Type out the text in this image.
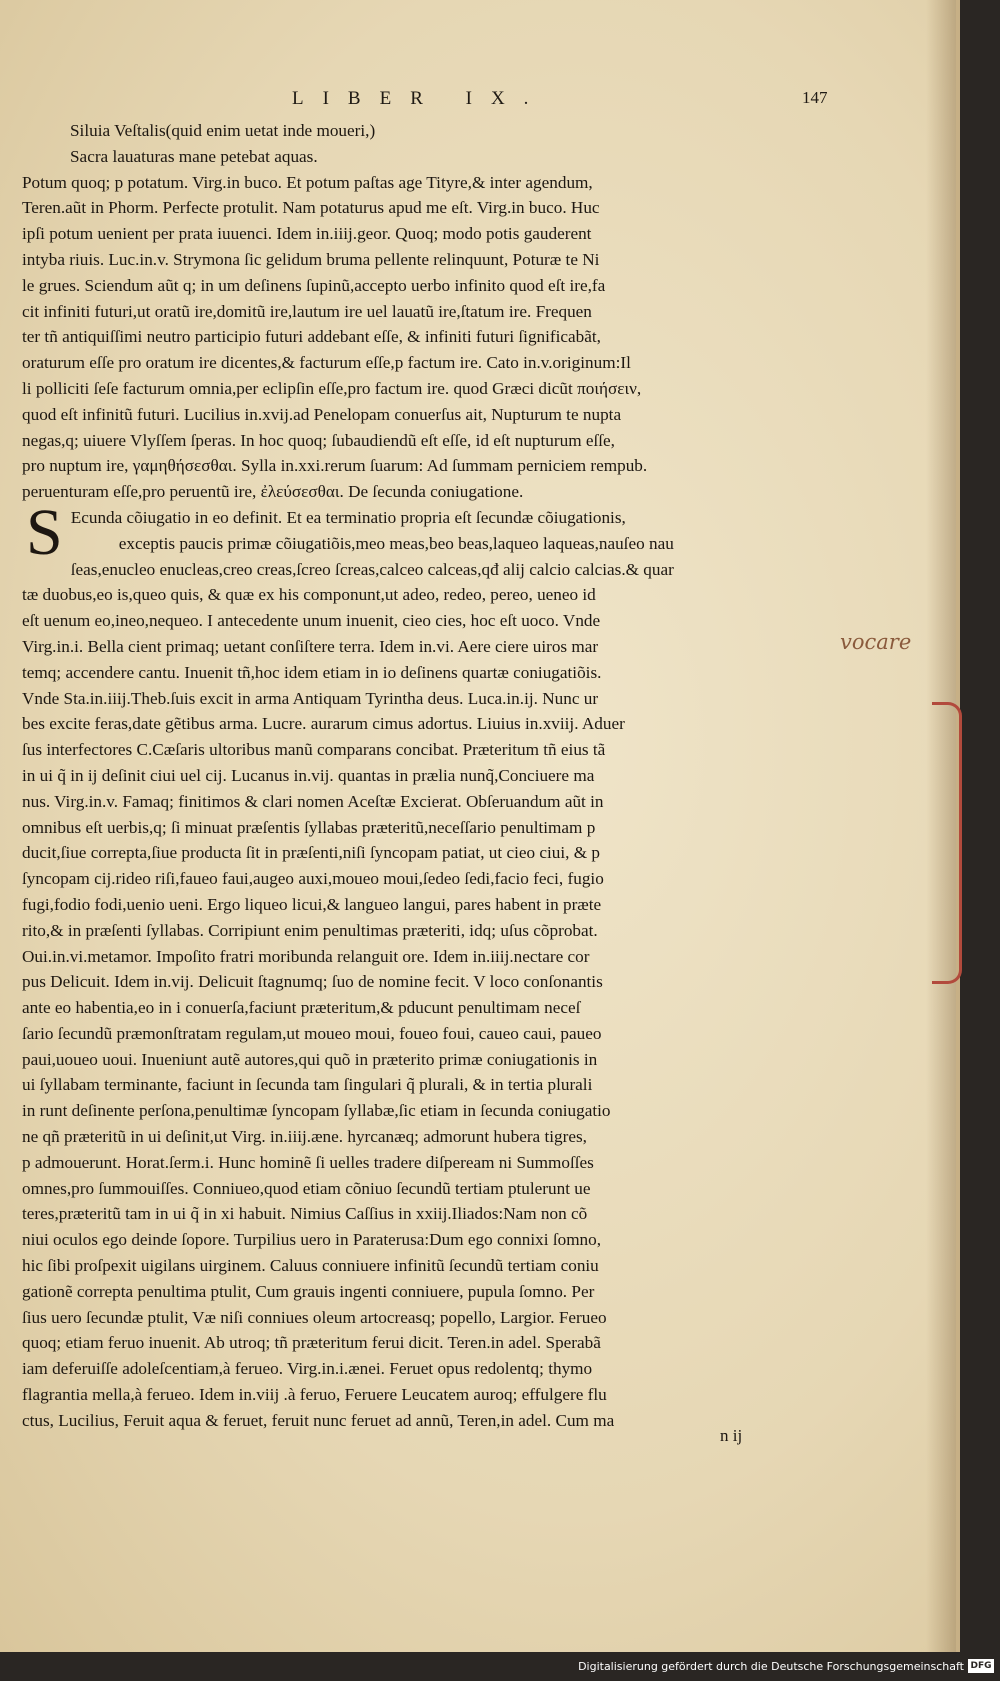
LIBER IX.	147
Siluia Veſtalis(quid enim uetat inde moueri,)
Sacra lauaturas mane petebat aquas.
Potum quoq; p potatum. Virg.in buco. Et potum paſtas age Tityre,& inter agendum,
Teren.aũt in Phorm. Perfecte protulit. Nam potaturus apud me eſt. Virg.in buco. Huc
ipſi potum uenient per prata iuuenci. Idem in.iiij.geor. Quoq; modo potis gauderent
intyba riuis. Luc.in.v. Strymona ſic gelidum bruma pellente relinquunt, Poturæ te Ni
le grues. Sciendum aũt q; in um deſinens ſupinũ,accepto uerbo infinito quod eſt ire,fa
cit infiniti futuri,ut oratũ ire,domitũ ire,lautum ire uel lauatũ ire,ſtatum ire. Frequen
ter tñ antiquiſſimi neutro participio futuri addebant eſſe, & infiniti futuri ſignificabãt,
oraturum eſſe pro oratum ire dicentes,& facturum eſſe,p factum ire. Cato in.v.originum:Il
li polliciti ſeſe facturum omnia,per eclipſin eſſe,pro factum ire. quod Græci dicũt ποιήσειν,
quod eſt infinitũ futuri. Lucilius in.xvij.ad Penelopam conuerſus ait, Nupturum te nupta
negas,q; uiuere Vlyſſem ſperas. In hoc quoq; ſubaudiendũ eſt eſſe, id eſt nupturum eſſe,
pro nuptum ire, γαμηθήσεσθαι. Sylla in.xxi.rerum ſuarum: Ad ſummam perniciem rempub.
peruenturam eſſe,pro peruentũ ire, ἐλεύσεσθαι. De ſecunda coniugatione.
S Ecunda cõiugatio in eo definit. Et ea terminatio propria eſt ſecundæ cõiugationis,
exceptis paucis primæ cõiugatiõis,meo meas,beo beas,laqueo laqueas,nauſeo nau
ſeas,enucleo enucleas,creo creas,ſcreo ſcreas,calceo calceas,qđ alij calcio calcias.& quar
tæ duobus,eo is,queo quis, & quæ ex his componunt,ut adeo, redeo, pereo, ueneo id
eſt uenum eo,ineo,nequeo. I antecedente unum inuenit, cieo cies, hoc eſt uoco. Vnde
Virg.in.i. Bella cient primaq; uetant conſiſtere terra. Idem in.vi. Aere ciere uiros mar
temq; accendere cantu. Inuenit tñ,hoc idem etiam in io deſinens quartæ coniugatiõis.
Vnde Sta.in.iiij.Theb.ſuis excit in arma Antiquam Tyrintha deus. Luca.in.ij. Nunc ur
bes excite feras,date gẽtibus arma. Lucre. aurarum cimus adortus. Liuius in.xviij. Aduer
ſus interfectores C.Cæſaris ultoribus manũ comparans concibat. Præteritum tñ eius tã
in ui q̃ in ij deſinit ciui uel cij. Lucanus in.vij. quantas in prælia nunq̃,Conciuere ma
nus. Virg.in.v. Famaq; finitimos & clari nomen Aceſtæ Excierat. Obſeruandum aũt in
omnibus eſt uerbis,q; ſi minuat præſentis ſyllabas præteritũ,neceſſario penultimam p
ducit,ſiue correpta,ſiue producta ſit in præſenti,niſi ſyncopam patiat, ut cieo ciui, & p
ſyncopam cij.rideo riſi,faueo faui,augeo auxi,moueo moui,ſedeo ſedi,facio feci, fugio
fugi,fodio fodi,uenio ueni. Ergo liqueo licui,& langueo langui, pares habent in præte
rito,& in præſenti ſyllabas. Corripiunt enim penultimas præteriti, idq; uſus cõprobat.
Oui.in.vi.metamor. Impoſito fratri moribunda relanguit ore. Idem in.iiij.nectare cor
pus Delicuit. Idem in.vij. Delicuit ſtagnumq; ſuo de nomine fecit. V loco conſonantis
ante eo habentia,eo in i conuerſa,faciunt præteritum,& pducunt penultimam neceſ
ſario ſecundũ præmonſtratam regulam,ut moueo moui, foueo foui, caueo caui, paueo
paui,uoueo uoui. Inueniunt autẽ autores,qui quõ in præterito primæ coniugationis in
ui ſyllabam terminante, faciunt in ſecunda tam ſingulari q̃ plurali, & in tertia plurali
in runt deſinente perſona,penultimæ ſyncopam ſyllabæ,ſic etiam in ſecunda coniugatio
ne qñ præteritũ in ui deſinit,ut Virg. in.iiij.æne. hyrcanæq; admorunt hubera tigres,
p admouerunt. Horat.ſerm.i. Hunc hominẽ ſi uelles tradere diſpeream ni Summoſſes
omnes,pro ſummouiſſes. Conniueo,quod etiam cõniuo ſecundũ tertiam ptulerunt ue
teres,præteritũ tam in ui q̃ in xi habuit. Nimius Caſſius in xxiij.Iliados:Nam non cõ
niui oculos ego deinde ſopore. Turpilius uero in Paraterusa:Dum ego connixi ſomno,
hic ſibi proſpexit uigilans uirginem. Caluus conniuere infinitũ ſecundũ tertiam coniu
gationẽ correpta penultima ptulit, Cum grauis ingenti conniuere, pupula ſomno. Per
ſius uero ſecundæ ptulit, Væ niſi conniues oleum artocreasq; popello, Largior. Ferueo
quoq; etiam feruo inuenit. Ab utroq; tñ præteritum ferui dicit. Teren.in adel. Sperabã
iam deferuiſſe adoleſcentiam,à ferueo. Virg.in.i.ænei. Feruet opus redolentq; thymo
flagrantia mella,à ferueo. Idem in.viij .à feruo, Feruere Leucatem auroq; effulgere flu
ctus, Lucilius, Feruit aqua & feruet, feruit nunc feruet ad annũ, Teren,in adel. Cum ma
vocare
n ij
Digitalisierung gefördert durch die Deutsche Forschungsgemeinschaft DFG
